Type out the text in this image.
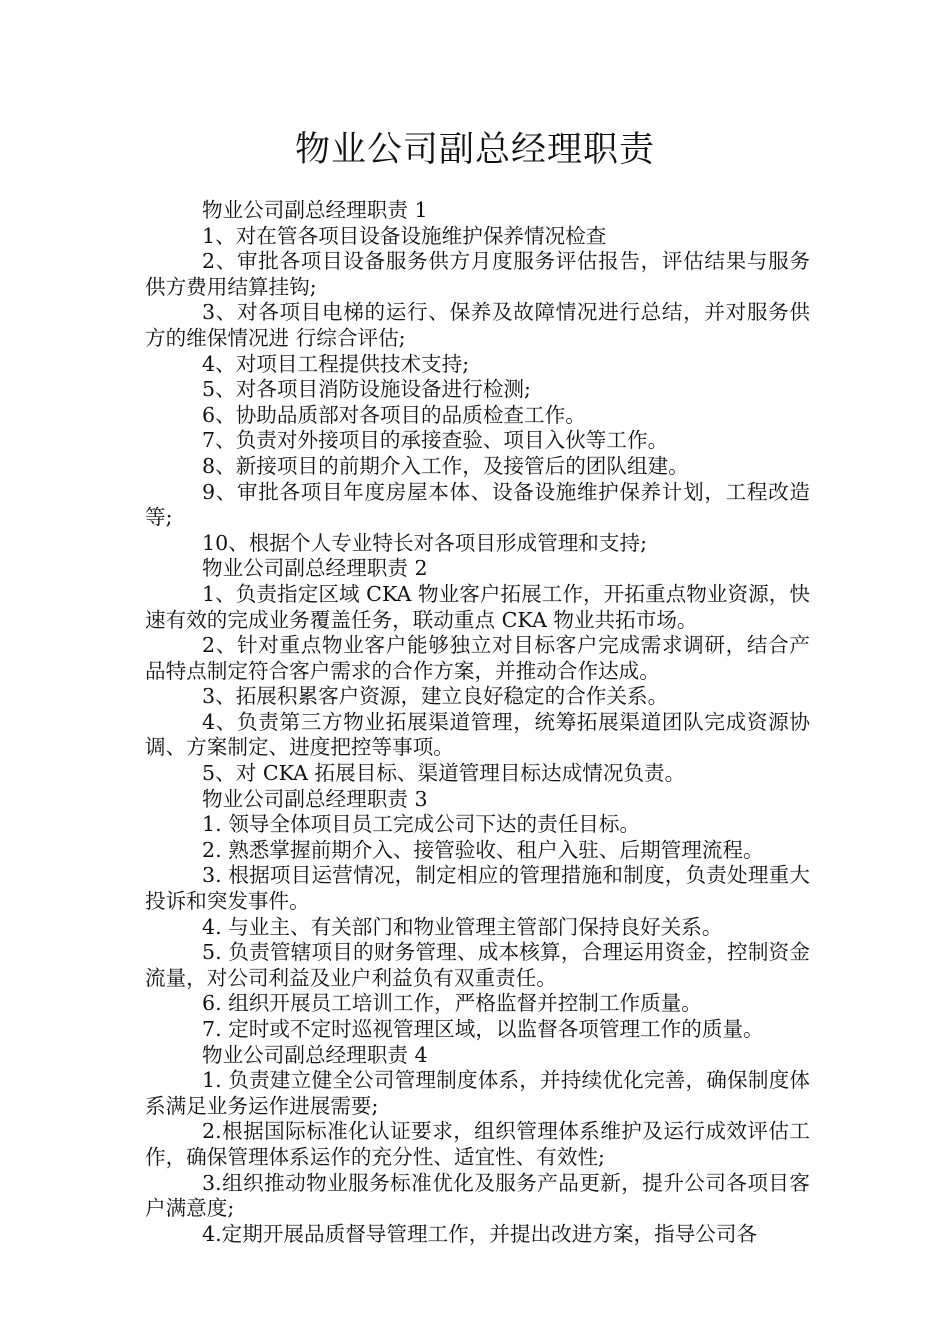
物业公司副总经理职责

物业公司副总经理职责 1

1、对在管各项目设备设施维护保养情况检查

2、审批各项目设备服务供方月度服务评估报告，评估结果与服务供方费用结算挂钩;

3、对各项目电梯的运行、保养及故障情况进行总结，并对服务供方的维保情况进 行综合评估;

4、对项目工程提供技术支持;

5、对各项目消防设施设备进行检测;

6、协助品质部对各项目的品质检查工作。

7、负责对外接项目的承接查验、项目入伙等工作。

8、新接项目的前期介入工作，及接管后的团队组建。

9、审批各项目年度房屋本体、设备设施维护保养计划，工程改造等;

10、根据个人专业特长对各项目形成管理和支持;

物业公司副总经理职责 2

1、负责指定区域 CKA 物业客户拓展工作，开拓重点物业资源，快速有效的完成业务覆盖任务，联动重点 CKA 物业共拓市场。

2、针对重点物业客户能够独立对目标客户完成需求调研，结合产品特点制定符合客户需求的合作方案，并推动合作达成。

3、拓展积累客户资源，建立良好稳定的合作关系。

4、负责第三方物业拓展渠道管理，统筹拓展渠道团队完成资源协调、方案制定、进度把控等事项。

5、对 CKA 拓展目标、渠道管理目标达成情况负责。

物业公司副总经理职责 3

1. 领导全体项目员工完成公司下达的责任目标。

2. 熟悉掌握前期介入、接管验收、租户入驻、后期管理流程。

3. 根据项目运营情况，制定相应的管理措施和制度，负责处理重大投诉和突发事件。

4. 与业主、有关部门和物业管理主管部门保持良好关系。

5. 负责管辖项目的财务管理、成本核算，合理运用资金，控制资金流量，对公司利益及业户利益负有双重责任。

6. 组织开展员工培训工作，严格监督并控制工作质量。

7. 定时或不定时巡视管理区域，以监督各项管理工作的质量。

物业公司副总经理职责 4

1. 负责建立健全公司管理制度体系，并持续优化完善，确保制度体系满足业务运作进展需要;

2.根据国际标准化认证要求，组织管理体系维护及运行成效评估工作，确保管理体系运作的充分性、适宜性、有效性;

3.组织推动物业服务标准优化及服务产品更新，提升公司各项目客户满意度;

4.定期开展品质督导管理工作，并提出改进方案，指导公司各
